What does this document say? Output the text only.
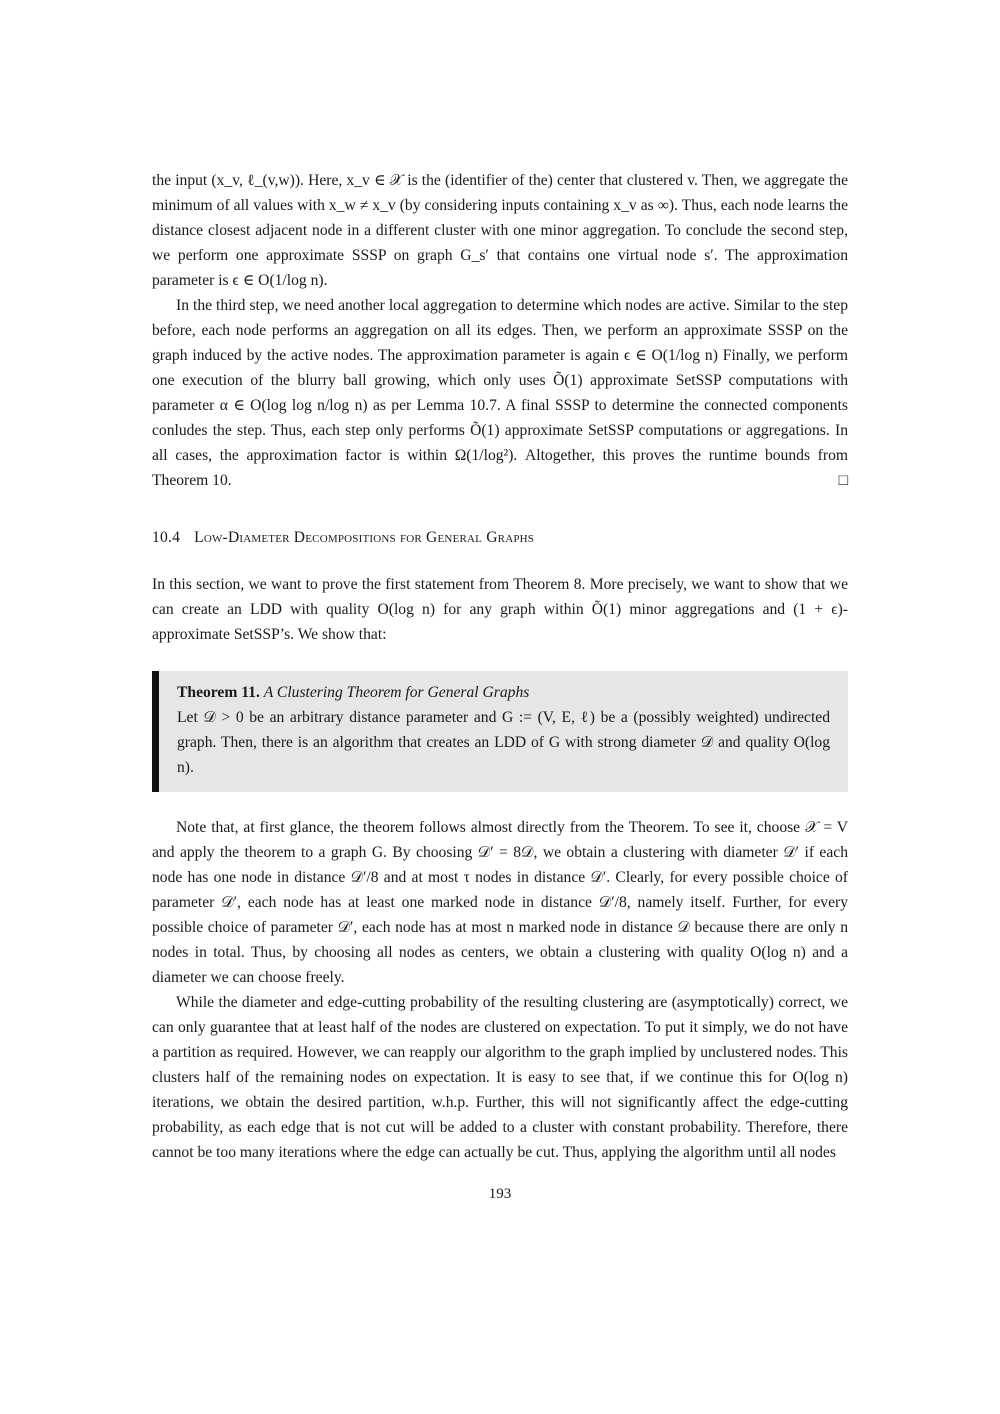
the input (x_v, ℓ_(v,w)). Here, x_v ∈ 𝒳 is the (identifier of the) center that clustered v. Then, we aggregate the minimum of all values with x_w ≠ x_v (by considering inputs containing x_v as ∞). Thus, each node learns the distance closest adjacent node in a different cluster with one minor aggregation. To conclude the second step, we perform one approximate SSSP on graph G_s′ that contains one virtual node s′. The approximation parameter is ϵ ∈ O(1/log n).

In the third step, we need another local aggregation to determine which nodes are active. Similar to the step before, each node performs an aggregation on all its edges. Then, we perform an approximate SSSP on the graph induced by the active nodes. The approximation parameter is again ϵ ∈ O(1/log n) Finally, we perform one execution of the blurry ball growing, which only uses Õ(1) approximate SetSSP computations with parameter α ∈ O(log log n/log n) as per Lemma 10.7. A final SSSP to determine the connected components conludes the step. Thus, each step only performs Õ(1) approximate SetSSP computations or aggregations. In all cases, the approximation factor is within Ω(1/log²). Altogether, this proves the runtime bounds from Theorem 10.	□

10.4 Low-Diameter Decompositions for General Graphs

In this section, we want to prove the first statement from Theorem 8. More precisely, we want to show that we can create an LDD with quality O(log n) for any graph within Õ(1) minor aggregations and (1 + ϵ)-approximate SetSSP’s. We show that:

Theorem 11. A Clustering Theorem for General Graphs

Let 𝒟 > 0 be an arbitrary distance parameter and G := (V, E, ℓ) be a (possibly weighted) undirected graph. Then, there is an algorithm that creates an LDD of G with strong diameter 𝒟 and quality O(log n).

Note that, at first glance, the theorem follows almost directly from the Theorem. To see it, choose 𝒳 = V and apply the theorem to a graph G. By choosing 𝒟′ = 8𝒟, we obtain a clustering with diameter 𝒟′ if each node has one node in distance 𝒟′/8 and at most τ nodes in distance 𝒟′. Clearly, for every possible choice of parameter 𝒟′, each node has at least one marked node in distance 𝒟′/8, namely itself. Further, for every possible choice of parameter 𝒟′, each node has at most n marked node in distance 𝒟 because there are only n nodes in total. Thus, by choosing all nodes as centers, we obtain a clustering with quality O(log n) and a diameter we can choose freely.

While the diameter and edge-cutting probability of the resulting clustering are (asymptotically) correct, we can only guarantee that at least half of the nodes are clustered on expectation. To put it simply, we do not have a partition as required. However, we can reapply our algorithm to the graph implied by unclustered nodes. This clusters half of the remaining nodes on expectation. It is easy to see that, if we continue this for O(log n) iterations, we obtain the desired partition, w.h.p. Further, this will not significantly affect the edge-cutting probability, as each edge that is not cut will be added to a cluster with constant probability. Therefore, there cannot be too many iterations where the edge can actually be cut. Thus, applying the algorithm until all nodes

193
